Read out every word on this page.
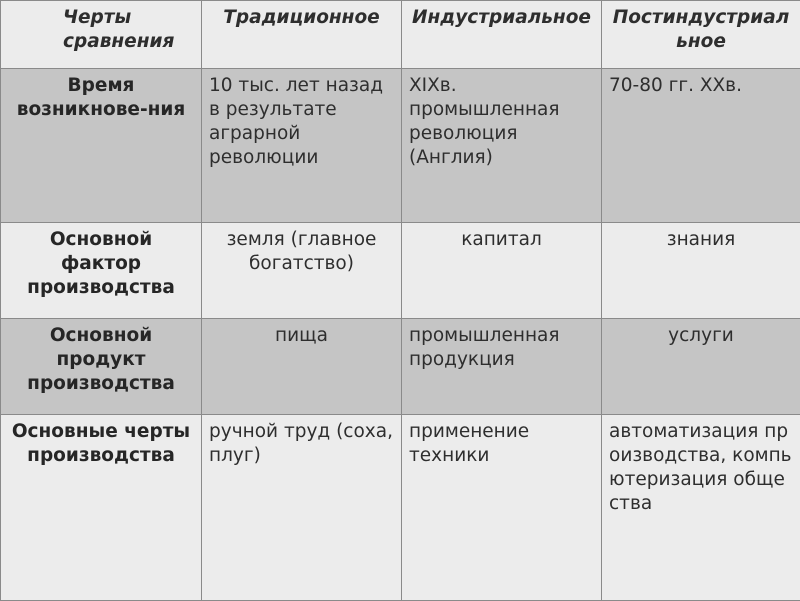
Черты сравнения	Традиционное	Индустриальное	Постиндустриальное
Время возникнове-ния	10 тыс. лет назад в результате аграрной революции	XIXв. промышленная революция (Англия)	70-80 гг. XXв.
Основной фактор производства	земля (главное богатство)	капитал	знания
Основной продукт производства	пища	промышленная продукция	услуги
Основные черты производства	ручной труд (соха, плуг)	применение техники	автоматизация производства, компьютеризация общества
